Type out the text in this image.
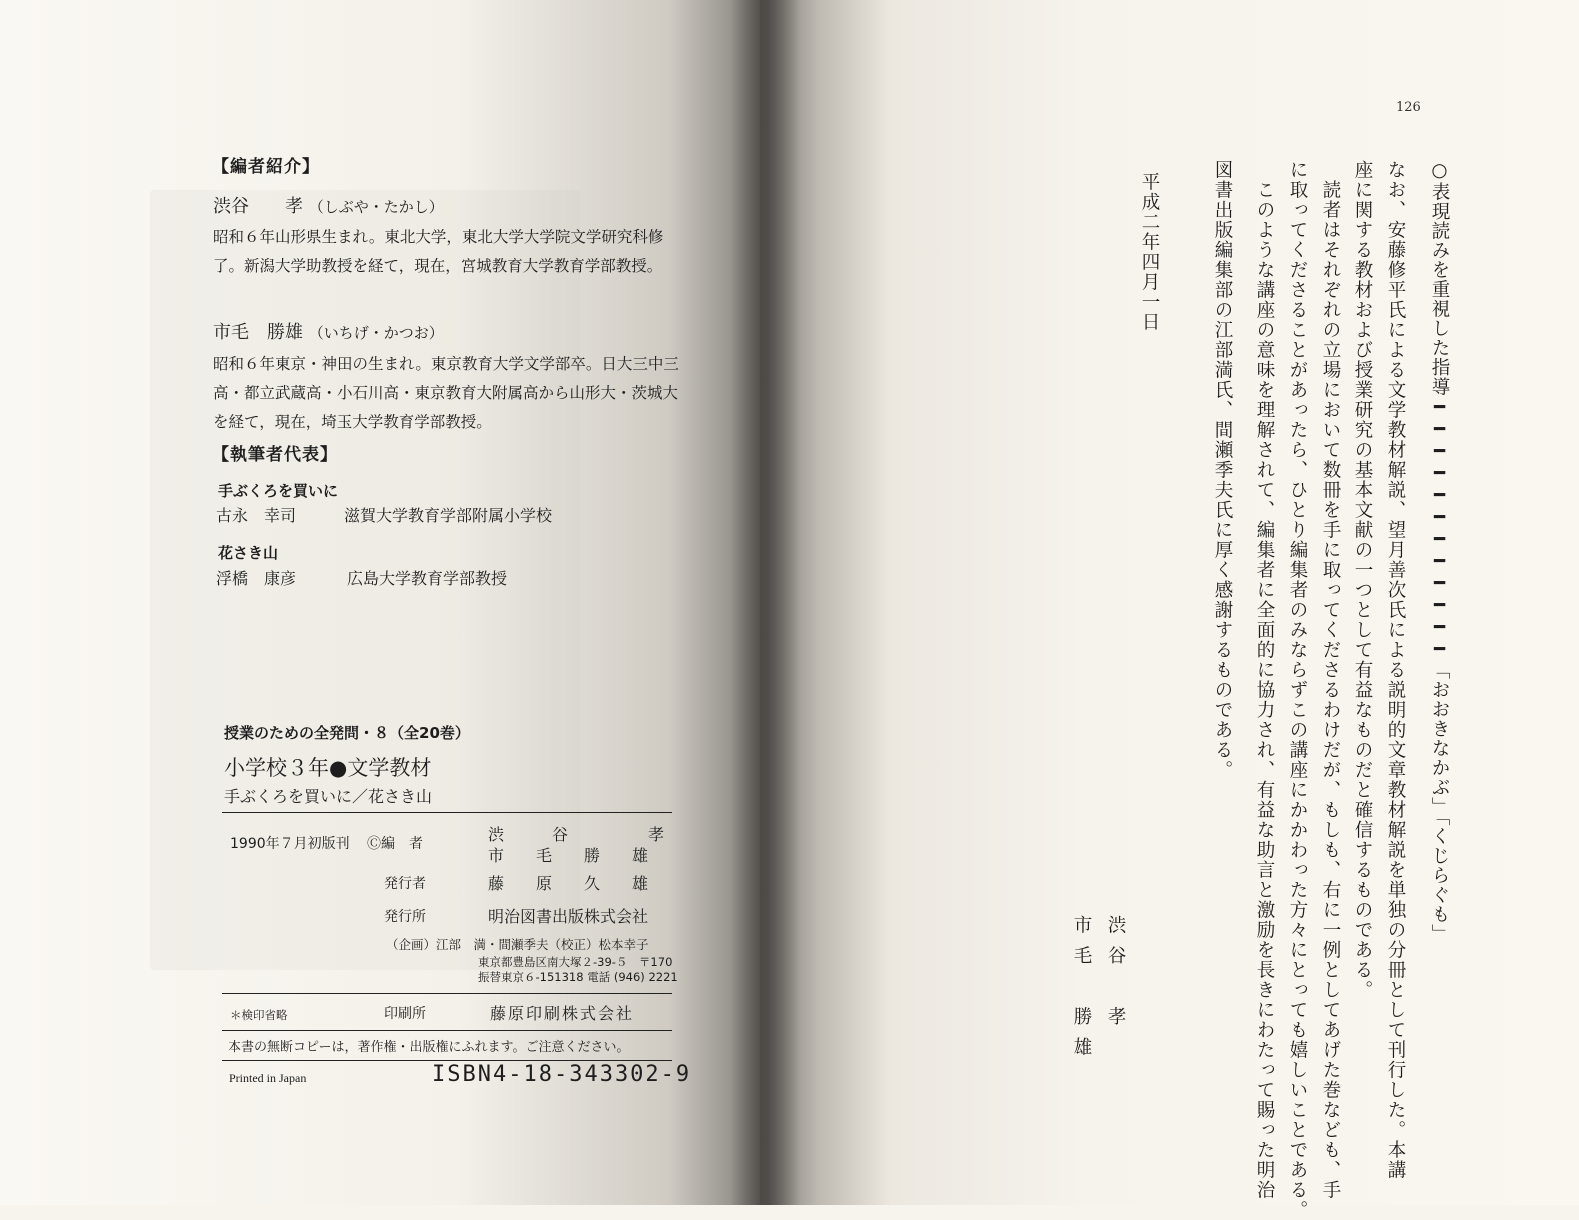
【編者紹介】
渋谷　　孝 （しぶや・たかし）
昭和６年山形県生まれ。東北大学，東北大学大学院文学研究科修了。新潟大学助教授を経て，現在，宮城教育大学教育学部教授。
市毛　勝雄 （いちげ・かつお）
昭和６年東京・神田の生まれ。東京教育大学文学部卒。日大三中三高・都立武蔵高・小石川高・東京教育大附属高から山形大・茨城大を経て，現在，埼玉大学教育学部教授。
【執筆者代表】
手ぶくろを買いに
古永　幸司	滋賀大学教育学部附属小学校
花さき山
浮橋　康彦	広島大学教育学部教授
授業のための全発問・８（全20巻）
小学校３年●文学教材
手ぶくろを買いに／花さき山
1990年７月初版刊 Ⓒ編　者	渋　　　谷　　　　　孝
市　　毛　　勝　　雄
発行者	藤　　原　　久　　雄
発行所	明治図書出版株式会社
（企画）江部　満・間瀬季夫（校正）松本幸子
東京都豊島区南大塚２-39-５　〒170
振替東京６-151318 電話 (946) 2221
＊検印省略	印刷所	藤原印刷株式会社
本書の無断コピーは，著作権・出版権にふれます。ご注意ください。
Printed in Japan	ISBN4-18-343302-9
126
○表現読みを重視した指導━━━━━━━━━━━━「おおきなかぶ」「くじらぐも」
なお、安藤修平氏による文学教材解説、望月善次氏による説明的文章教材解説を単独の分冊として刊行した。本講
座に関する教材および授業研究の基本文献の一つとして有益なものだと確信するものである。
　読者はそれぞれの立場において数冊を手に取ってくださるわけだが、もしも、右に一例としてあげた巻なども、手
に取ってくださることがあったら、ひとり編集者のみならずこの講座にかかわった方々にとっても嬉しいことである。
　このような講座の意味を理解されて、編集者に全面的に協力され、有益な助言と激励を長きにわたって賜った明治
図書出版編集部の江部満氏、間瀬季夫氏に厚く感謝するものである。
平成二年四月一日
渋谷　孝
市毛　勝雄
